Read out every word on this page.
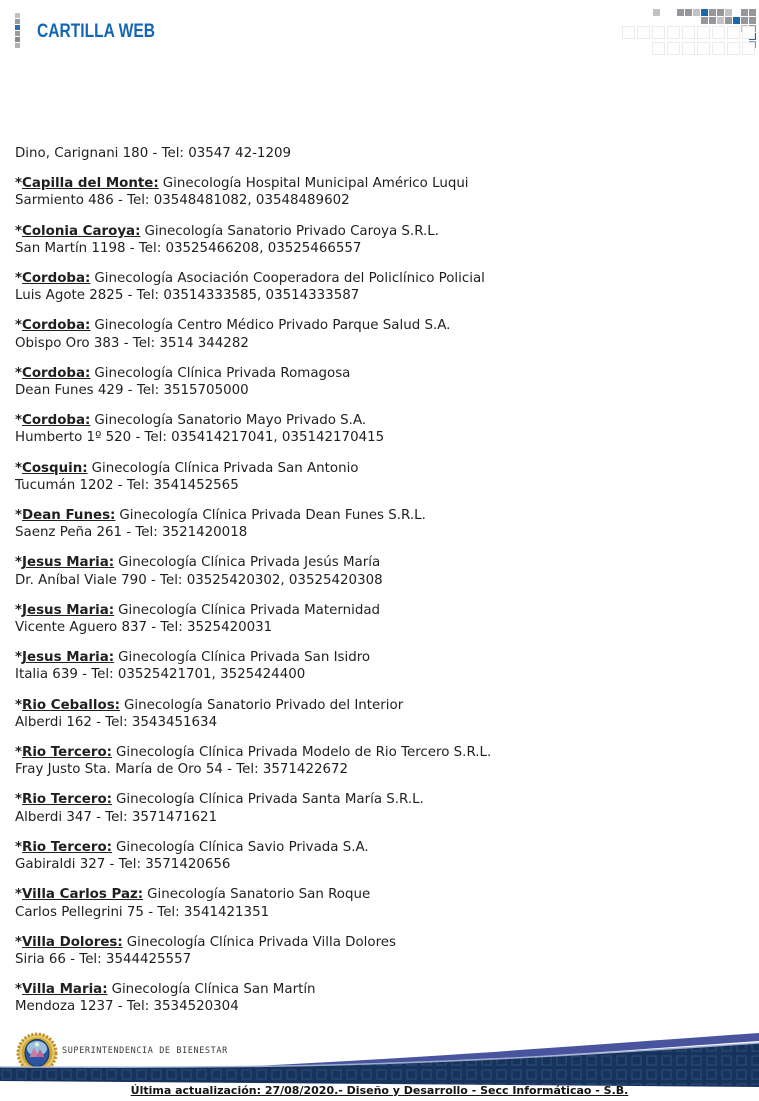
CARTILLA WEB
Dino, Carignani 180 - Tel: 03547 42-1209
*Capilla del Monte: Ginecología Hospital Municipal Américo Luqui
Sarmiento 486 - Tel: 03548481082, 03548489602
*Colonia Caroya: Ginecología Sanatorio Privado Caroya S.R.L.
San Martín 1198 - Tel: 03525466208, 03525466557
*Cordoba: Ginecología Asociación Cooperadora del Policlínico Policial
Luis Agote 2825 - Tel: 03514333585, 03514333587
*Cordoba: Ginecología Centro Médico Privado Parque Salud S.A.
Obispo Oro 383 - Tel: 3514 344282
*Cordoba: Ginecología Clínica Privada Romagosa
Dean Funes 429 - Tel: 3515705000
*Cordoba: Ginecología Sanatorio Mayo Privado S.A.
Humberto 1º 520 - Tel: 035414217041, 035142170415
*Cosquin: Ginecología Clínica Privada San Antonio
Tucumán 1202 - Tel: 3541452565
*Dean Funes: Ginecología Clínica Privada Dean Funes S.R.L.
Saenz Peña 261 - Tel: 3521420018
*Jesus Maria: Ginecología Clínica Privada Jesús María
Dr. Aníbal Viale 790 - Tel: 03525420302, 03525420308
*Jesus Maria: Ginecología Clínica Privada Maternidad
Vicente Aguero 837 - Tel: 3525420031
*Jesus Maria: Ginecología Clínica Privada San Isidro
Italia 639 - Tel: 03525421701, 3525424400
*Rio Ceballos: Ginecología Sanatorio Privado del Interior
Alberdi 162 - Tel: 3543451634
*Rio Tercero: Ginecología Clínica Privada Modelo de Rio Tercero S.R.L.
Fray Justo Sta. María de Oro 54 - Tel: 3571422672
*Rio Tercero: Ginecología Clínica Privada Santa María S.R.L.
Alberdi 347 - Tel: 3571471621
*Rio Tercero: Ginecología Clínica Savio Privada S.A.
Gabiraldi 327 - Tel: 3571420656
*Villa Carlos Paz: Ginecología Sanatorio San Roque
Carlos Pellegrini 75 - Tel: 3541421351
*Villa Dolores: Ginecología Clínica Privada Villa Dolores
Siria 66 - Tel: 3544425557
*Villa Maria: Ginecología Clínica San Martín
Mendoza 1237 - Tel: 3534520304
SUPERINTENDENCIA DE BIENESTAR
Última actualización: 27/08/2020.- Diseño y Desarrollo - Secc Informáticao - S.B.
